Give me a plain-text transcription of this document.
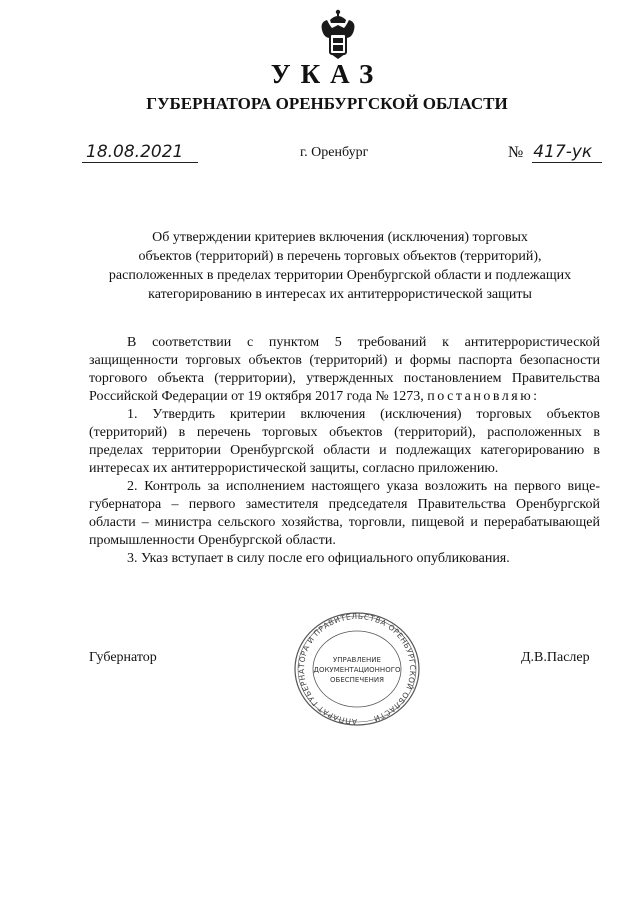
УКАЗ
ГУБЕРНАТОРА ОРЕНБУРГСКОЙ ОБЛАСТИ
18.08.2021	г. Оренбург	№ 417-ук
Об утверждении критериев включения (исключения) торговых
объектов (территорий) в перечень торговых объектов (территорий),
расположенных в пределах территории Оренбургской области и подлежащих
категорированию в интересах их антитеррористической защиты

В соответствии с пунктом 5 требований к антитеррористической защищенности торговых объектов (территорий) и формы паспорта безопасности торгового объекта (территории), утвержденных постановлением Правительства Российской Федерации от 19 октября 2017 года № 1273, постановляю:

1. Утвердить критерии включения (исключения) торговых объектов (территорий) в перечень торговых объектов (территорий), расположенных в пределах территории Оренбургской области и подлежащих категорированию в интересах их антитеррористической защиты, согласно приложению.

2. Контроль за исполнением настоящего указа возложить на первого вице-губернатора – первого заместителя председателя Правительства Оренбургской области – министра сельского хозяйства, торговли, пищевой и перерабатывающей промышленности Оренбургской области.

3. Указ вступает в силу после его официального опубликования.

Губернатор
АППАРАТ ГУБЕРНАТОРА И ПРАВИТЕЛЬСТВА ОРЕНБУРГСКОЙ ОБЛАСТИ
УПРАВЛЕНИЕ
ДОКУМЕНТАЦИОННОГО
ОБЕСПЕЧЕНИЯ
Д.В.Паслер
